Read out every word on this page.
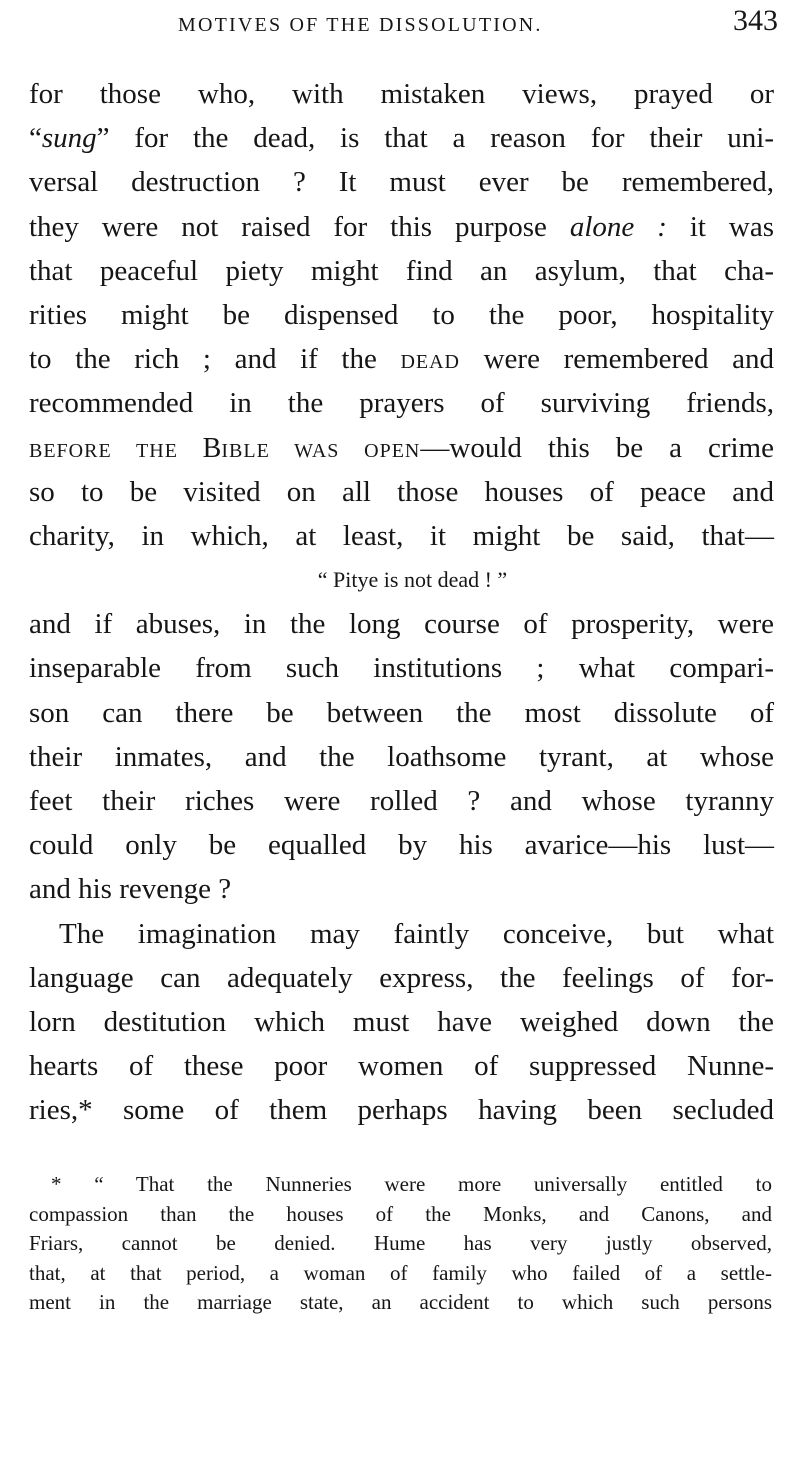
MOTIVES OF THE DISSOLUTION.	343
for those who, with mistaken views, prayed or
“sung” for the dead, is that a reason for their uni-
versal destruction ? It must ever be remembered,
they were not raised for this purpose alone : it was
that peaceful piety might find an asylum, that cha-
rities might be dispensed to the poor, hospitality
to the rich ; and if the DEAD were remembered and
recommended in the prayers of surviving friends,
BEFORE THE BIBLE WAS OPEN—would this be a crime
so to be visited on all those houses of peace and
charity, in which, at least, it might be said, that—
“ Pitye is not dead ! ”
and if abuses, in the long course of prosperity, were
inseparable from such institutions ; what compari-
son can there be between the most dissolute of
their inmates, and the loathsome tyrant, at whose
feet their riches were rolled ? and whose tyranny
could only be equalled by his avarice—his lust—
and his revenge ?
The imagination may faintly conceive, but what
language can adequately express, the feelings of for-
lorn destitution which must have weighed down the
hearts of these poor women of suppressed Nunne-
ries,* some of them perhaps having been secluded
* “ That the Nunneries were more universally entitled to
compassion than the houses of the Monks, and Canons, and
Friars, cannot be denied. Hume has very justly observed,
that, at that period, a woman of family who failed of a settle-
ment in the marriage state, an accident to which such persons
